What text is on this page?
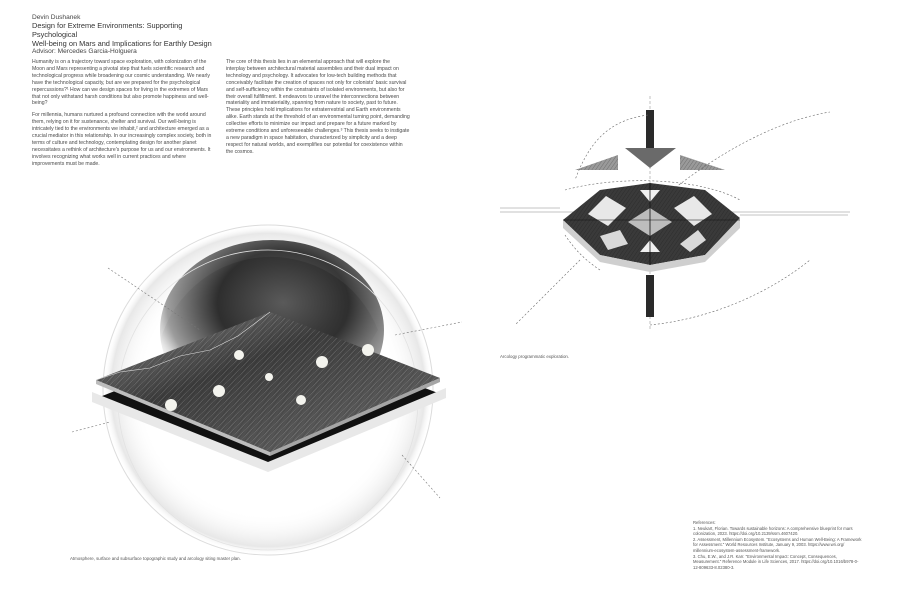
Devin Dushanek
Design for Extreme Environments: Supporting Psychological
Well-being on Mars and Implications for Earthly Design
Advisor: Mercedes Garcia-Holguera

Humanity is on a trajectory toward space exploration, with colonization of the Moon and Mars representing a pivotal step that fuels scientific research and technological progress while broadening our cosmic understanding. We nearly have the technological capacity, but are we prepared for the psychological repercussions?¹ How can we design spaces for living in the extremes of Mars that not only withstand harsh conditions but also promote happiness and well-being?

For millennia, humans nurtured a profound connection with the world around them, relying on it for sustenance, shelter and survival. Our well-being is intricately tied to the environments we inhabit,² and architecture emerged as a crucial mediator in this relationship. In our increasingly complex society, both in terms of culture and technology, contemplating design for another planet necessitates a rethink of architecture's purpose for us and our environments. It involves recognizing what works well in current practices and where improvements must be made.

The core of this thesis lies in an elemental approach that will explore the interplay between architectural material assemblies and their dual impact on technology and psychology. It advocates for low-tech building methods that conceivably facilitate the creation of spaces not only for colonists' basic survival and self-sufficiency within the constraints of isolated environments, but also for their overall fulfillment. It endeavors to unravel the interconnections between materiality and immateriality, spanning from nature to society, past to future. These principles hold implications for extraterrestrial and Earth environments alike. Earth stands at the threshold of an environmental turning point, demanding collective efforts to minimize our impact and prepare for a future marked by extreme conditions and unforeseeable challenges.³ This thesis seeks to instigate a new paradigm in space habitation, characterized by simplicity and a deep respect for natural worlds, and exemplifies our potential for coexistence within the cosmos.

Arcology programmatic exploration.
Atmosphere, surface and subsurface topographic study and arcology siting master plan.
References:
1. Neukart, Florian. Towards sustainable horizons: A comprehensive blueprint for mars
colonization, 2023. https://doi.org/10.2139/ssrn.4607420.
2. Assessment, Millennium Ecosystem. "Ecosystems and Human Well-Being: A Framework
for Assessment." World Resources Institute, January 9, 2003. https://www.wri.org/
millennium-ecosystem-assessment-framework.
3. Chu, E.W., and J.R. Karr. "Environmental Impact: Concept, Consequences,
Measurement." Reference Module in Life Sciences, 2017. https://doi.org/10.1016/b978-0-
12-809633-8.02380-3.
